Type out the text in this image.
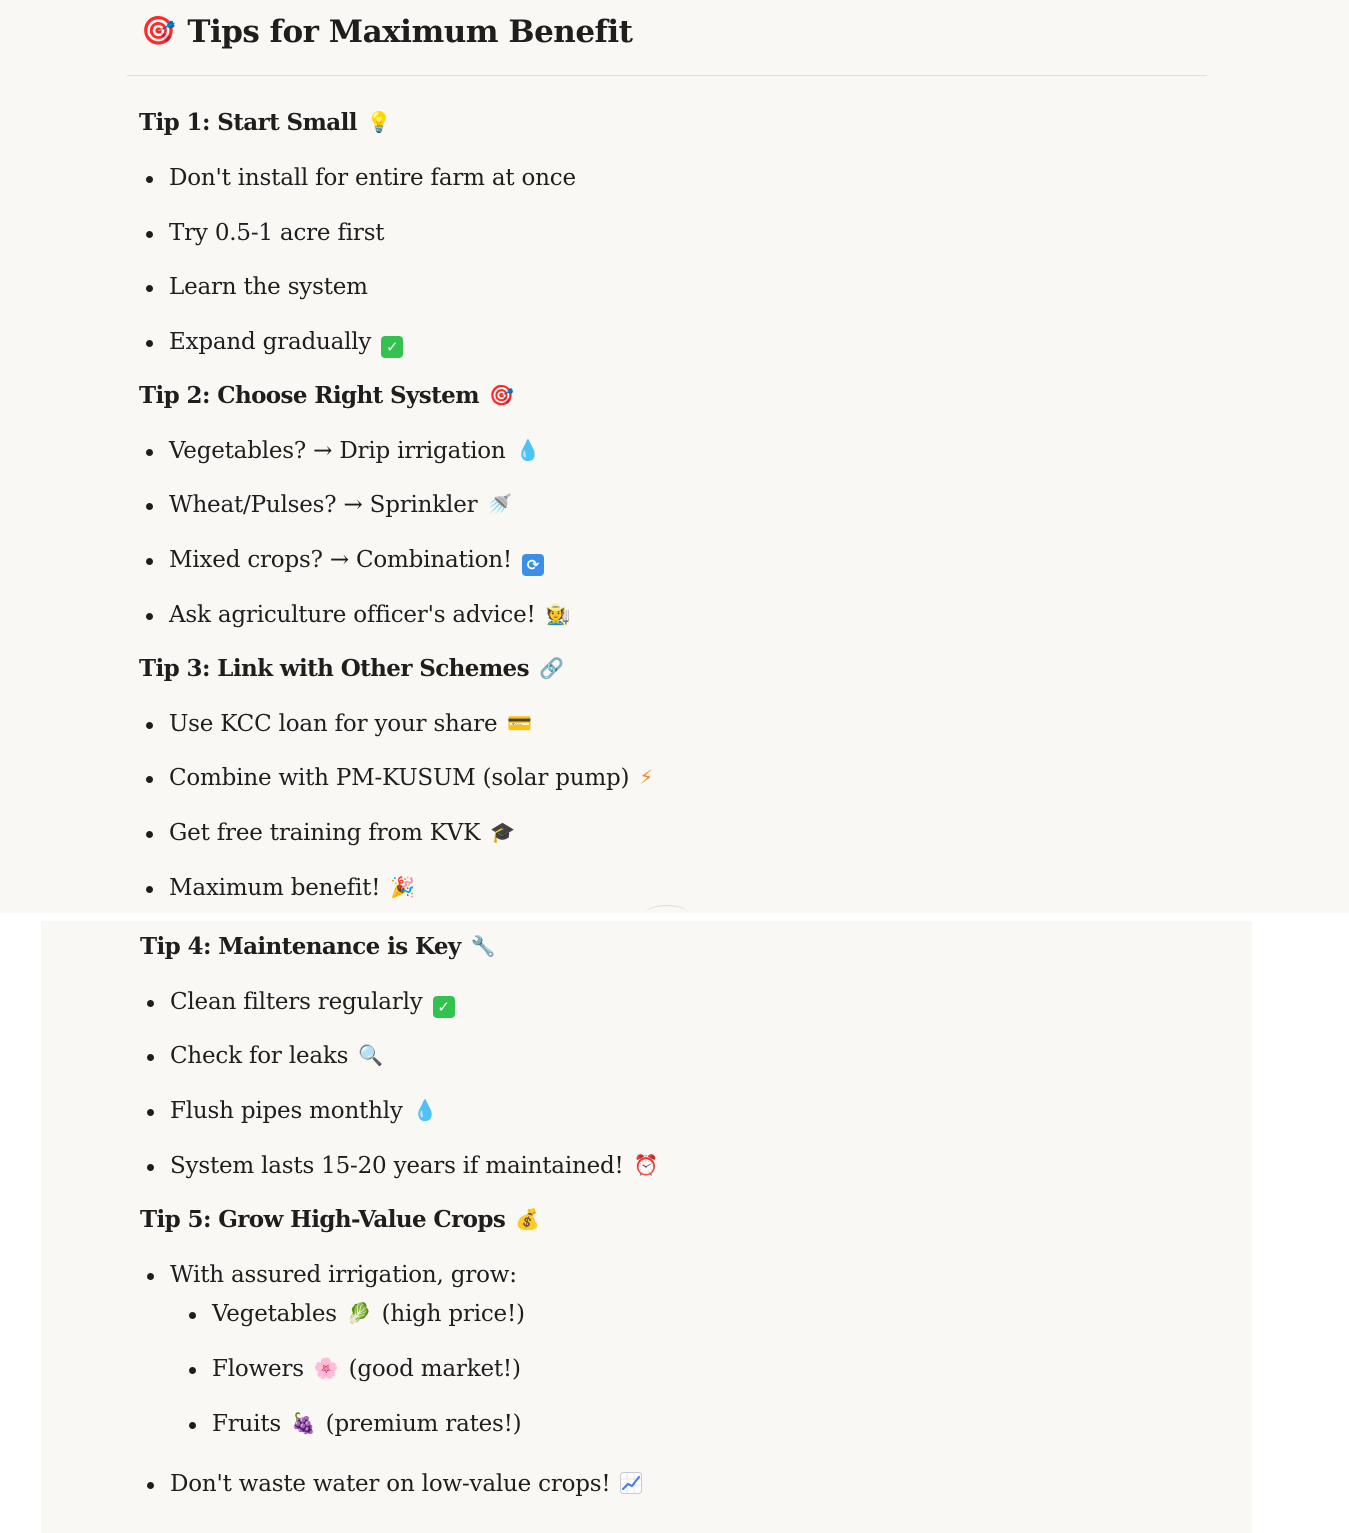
🎯 Tips for Maximum Benefit
Tip 1: Start Small 💡
Don't install for entire farm at once
Try 0.5-1 acre first
Learn the system
Expand gradually ✓
Tip 2: Choose Right System 🎯
Vegetables? → Drip irrigation 💧
Wheat/Pulses? → Sprinkler 🚿
Mixed crops? → Combination! ⟳
Ask agriculture officer's advice! 🧑‍🌾
Tip 3: Link with Other Schemes 🔗
Use KCC loan for your share 💳
Combine with PM-KUSUM (solar pump) ⚡
Get free training from KVK 🎓
Maximum benefit! 🎉
Tip 4: Maintenance is Key 🔧
Clean filters regularly ✓
Check for leaks 🔍
Flush pipes monthly 💧
System lasts 15-20 years if maintained! ⏰
Tip 5: Grow High-Value Crops 💰
With assured irrigation, grow:
Vegetables 🥬 (high price!)
Flowers 🌸 (good market!)
Fruits 🍇 (premium rates!)
Don't waste water on low-value crops!
